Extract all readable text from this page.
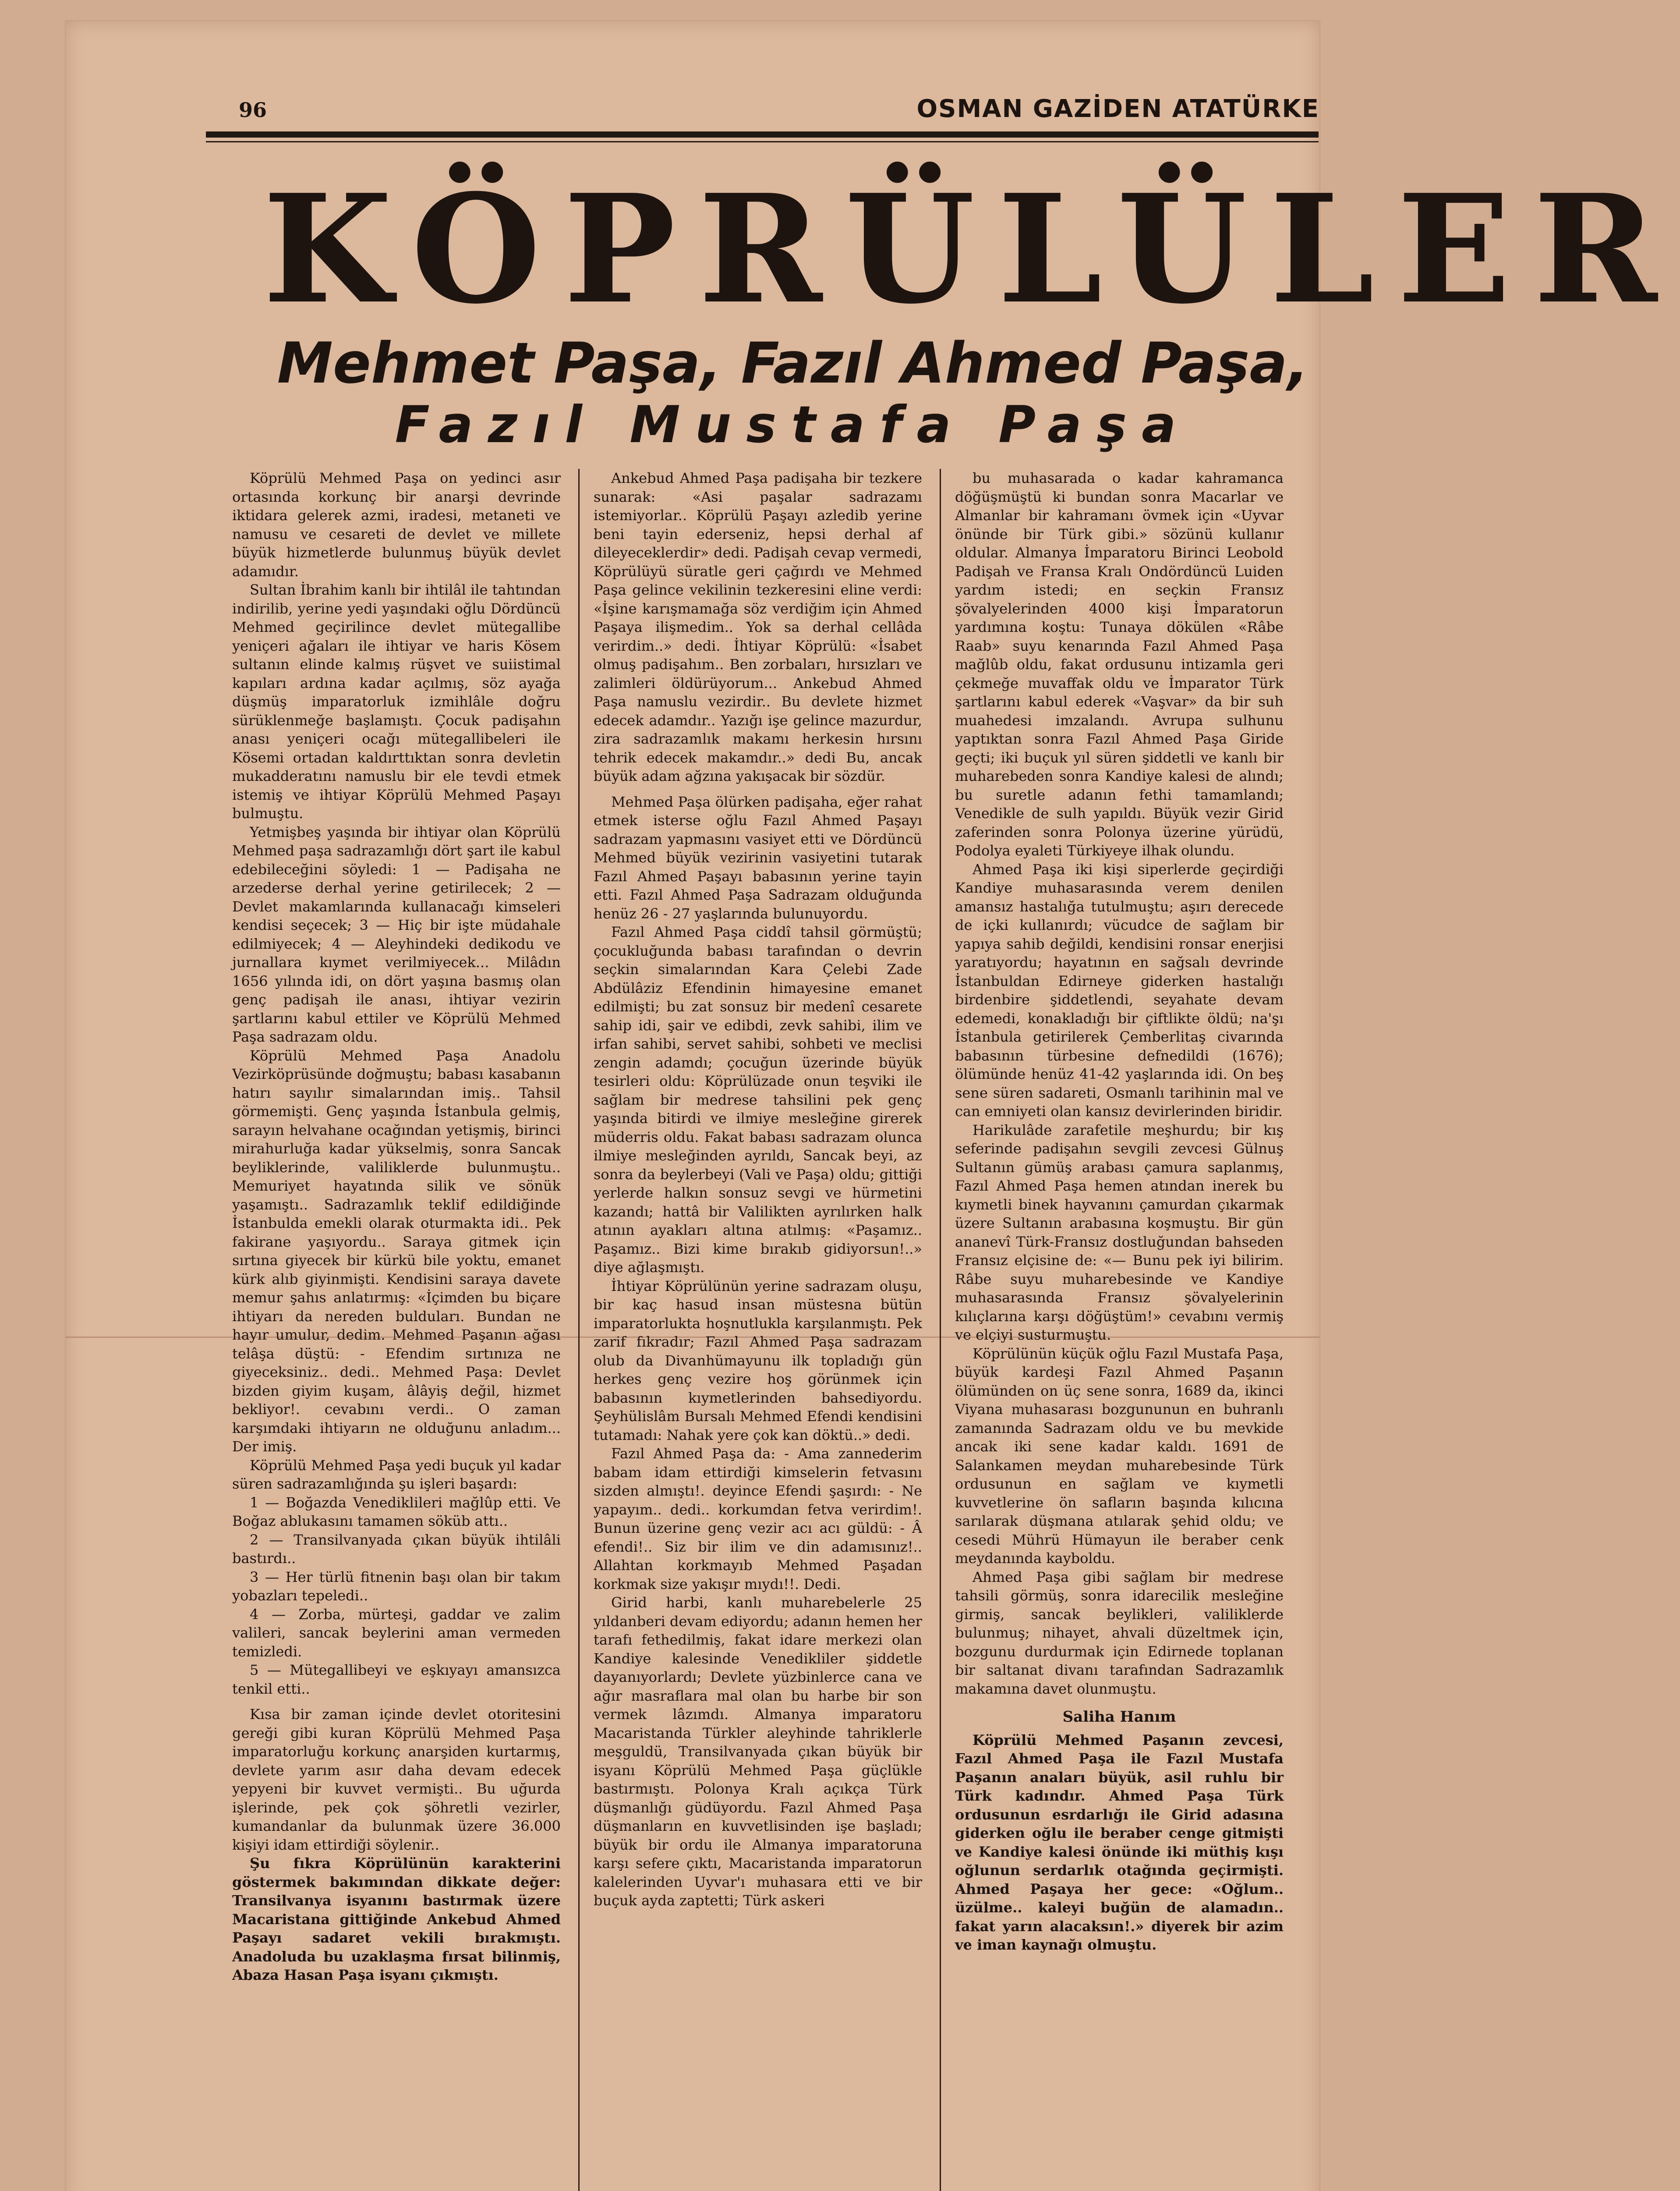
96	OSMAN GAZİDEN ATATÜRKE
KÖPRÜLÜLER
Mehmet Paşa, Fazıl Ahmed Paşa,
Fazıl Mustafa Paşa

Köprülü Mehmed Paşa on yedinci asır ortasında korkunç bir anarşi devrinde iktidara gelerek azmi, iradesi, metaneti ve namusu ve cesareti de devlet ve millete büyük hizmetlerde bulunmuş büyük devlet adamıdır.

Sultan İbrahim kanlı bir ihtilâl ile tahtından indirilib, yerine yedi yaşındaki oğlu Dördüncü Mehmed geçirilince devlet mütegallibe yeniçeri ağaları ile ihtiyar ve haris Kösem sultanın elinde kalmış rüşvet ve suiistimal kapıları ardına kadar açılmış, söz ayağa düşmüş imparatorluk izmihlâle doğru sürüklenmeğe başlamıştı. Çocuk padişahın anası yeniçeri ocağı mütegallibeleri ile Kösemi ortadan kaldırttıktan sonra devletin mukadderatını namuslu bir ele tevdi etmek istemiş ve ihtiyar Köprülü Mehmed Paşayı bulmuştu.

Yetmişbeş yaşında bir ihtiyar olan Köprülü Mehmed paşa sadrazamlığı dört şart ile kabul edebileceğini söyledi: 1 — Padişaha ne arzederse derhal yerine getirilecek; 2 — Devlet makamlarında kullanacağı kimseleri kendisi seçecek; 3 — Hiç bir işte müdahale edilmiyecek; 4 — Aleyhindeki dedikodu ve jurnallara kıymet verilmiyecek... Milâdın 1656 yılında idi, on dört yaşına basmış olan genç padişah ile anası, ihtiyar vezirin şartlarını kabul ettiler ve Köprülü Mehmed Paşa sadrazam oldu.

Köprülü Mehmed Paşa Anadolu Vezirköprüsünde doğmuştu; babası kasabanın hatırı sayılır simalarından imiş.. Tahsil görmemişti. Genç yaşında İstanbula gelmiş, sarayın helvahane ocağından yetişmiş, birinci mirahurluğa kadar yükselmiş, sonra Sancak beyliklerinde, valiliklerde bulunmuştu.. Memuriyet hayatında silik ve sönük yaşamıştı.. Sadrazamlık teklif edildiğinde İstanbulda emekli olarak oturmakta idi.. Pek fakirane yaşıyordu.. Saraya gitmek için sırtına giyecek bir kürkü bile yoktu, emanet kürk alıb giyinmişti. Kendisini saraya davete memur şahıs anlatırmış: «İçimden bu biçare ihtiyarı da nereden bulduları. Bundan ne hayır umulur, dedim. Mehmed Paşanın ağası telâşa düştü: - Efendim sırtınıza ne giyeceksiniz.. dedi.. Mehmed Paşa: Devlet bizden giyim kuşam, âlâyiş değil, hizmet bekliyor!. cevabını verdi.. O zaman karşımdaki ihtiyarın ne olduğunu anladım... Der imiş.

Köprülü Mehmed Paşa yedi buçuk yıl kadar süren sadrazamlığında şu işleri başardı:

1 — Boğazda Venediklileri mağlûp etti. Ve Boğaz ablukasını tamamen söküb attı..

2 — Transilvanyada çıkan büyük ihtilâli bastırdı..

3 — Her türlü fitnenin başı olan bir takım yobazları tepeledi..

4 — Zorba, mürteşi, gaddar ve zalim valileri, sancak beylerini aman vermeden temizledi.

5 — Mütegallibeyi ve eşkıyayı amansızca tenkil etti..

Kısa bir zaman içinde devlet otoritesini gereği gibi kuran Köprülü Mehmed Paşa imparatorluğu korkunç anarşiden kurtarmış, devlete yarım asır daha devam edecek yepyeni bir kuvvet vermişti.. Bu uğurda işlerinde, pek çok şöhretli vezirler, kumandanlar da bulunmak üzere 36.000 kişiyi idam ettirdiği söylenir..

Şu fıkra Köprülünün karakterini göstermek bakımından dikkate değer: Transilvanya isyanını bastırmak üzere Macaristana gittiğinde Ankebud Ahmed Paşayı sadaret vekili bırakmıştı. Anadoluda bu uzaklaşma fırsat bilinmiş, Abaza Hasan Paşa isyanı çıkmıştı.

Ankebud Ahmed Paşa padişaha bir tezkere sunarak: «Asi paşalar sadrazamı istemiyorlar.. Köprülü Paşayı azledib yerine beni tayin ederseniz, hepsi derhal af dileyeceklerdir» dedi. Padişah cevap vermedi, Köprülüyü süratle geri çağırdı ve Mehmed Paşa gelince vekilinin tezkeresini eline verdi: «İşine karışmamağa söz verdiğim için Ahmed Paşaya ilişmedim.. Yok sa derhal cellâda verirdim..» dedi. İhtiyar Köprülü: «İsabet olmuş padişahım.. Ben zorbaları, hırsızları ve zalimleri öldürüyorum... Ankebud Ahmed Paşa namuslu vezirdir.. Bu devlete hizmet edecek adamdır.. Yazığı işe gelince mazurdur, zira sadrazamlık makamı herkesin hırsını tehrik edecek makamdır..» dedi Bu, ancak büyük adam ağzına yakışacak bir sözdür.

Mehmed Paşa ölürken padişaha, eğer rahat etmek isterse oğlu Fazıl Ahmed Paşayı sadrazam yapmasını vasiyet etti ve Dördüncü Mehmed büyük vezirinin vasiyetini tutarak Fazıl Ahmed Paşayı babasının yerine tayin etti. Fazıl Ahmed Paşa Sadrazam olduğunda henüz 26 - 27 yaşlarında bulunuyordu.

Fazıl Ahmed Paşa ciddî tahsil görmüştü; çocukluğunda babası tarafından o devrin seçkin simalarından Kara Çelebi Zade Abdülâziz Efendinin himayesine emanet edilmişti; bu zat sonsuz bir medenî cesarete sahip idi, şair ve edibdi, zevk sahibi, ilim ve irfan sahibi, servet sahibi, sohbeti ve meclisi zengin adamdı; çocuğun üzerinde büyük tesirleri oldu: Köprülüzade onun teşviki ile sağlam bir medrese tahsilini pek genç yaşında bitirdi ve ilmiye mesleğine girerek müderris oldu. Fakat babası sadrazam olunca ilmiye mesleğinden ayrıldı, Sancak beyi, az sonra da beylerbeyi (Vali ve Paşa) oldu; gittiği yerlerde halkın sonsuz sevgi ve hürmetini kazandı; hattâ bir Valilikten ayrılırken halk atının ayakları altına atılmış: «Paşamız.. Paşamız.. Bizi kime bırakıb gidiyorsun!..» diye ağlaşmıştı.

İhtiyar Köprülünün yerine sadrazam oluşu, bir kaç hasud insan müstesna bütün imparatorlukta hoşnutlukla karşılanmıştı. Pek zarif fıkradır; Fazıl Ahmed Paşa sadrazam olub da Divanhümayunu ilk topladığı gün herkes genç vezire hoş görünmek için babasının kıymetlerinden bahsediyordu. Şeyhülislâm Bursalı Mehmed Efendi kendisini tutamadı: Nahak yere çok kan döktü..» dedi.

Fazıl Ahmed Paşa da: - Ama zannederim babam idam ettirdiği kimselerin fetvasını sizden almıştı!. deyince Efendi şaşırdı: - Ne yapayım.. dedi.. korkumdan fetva verirdim!. Bunun üzerine genç vezir acı acı güldü: - Â efendi!.. Siz bir ilim ve din adamısınız!.. Allahtan korkmayıb Mehmed Paşadan korkmak size yakışır mıydı!!. Dedi.

Girid harbi, kanlı muharebelerle 25 yıldanberi devam ediyordu; adanın hemen her tarafı fethedilmiş, fakat idare merkezi olan Kandiye kalesinde Venedikliler şiddetle dayanıyorlardı; Devlete yüzbinlerce cana ve ağır masraflara mal olan bu harbe bir son vermek lâzımdı. Almanya imparatoru Macaristanda Türkler aleyhinde tahriklerle meşguldü, Transilvanyada çıkan büyük bir isyanı Köprülü Mehmed Paşa güçlükle bastırmıştı. Polonya Kralı açıkça Türk düşmanlığı güdüyordu. Fazıl Ahmed Paşa düşmanların en kuvvetlisinden işe başladı; büyük bir ordu ile Almanya imparatoruna karşı sefere çıktı, Macaristanda imparatorun kalelerinden Uyvar'ı muhasara etti ve bir buçuk ayda zaptetti; Türk askeri

bu muhasarada o kadar kahramanca döğüşmüştü ki bundan sonra Macarlar ve Almanlar bir kahramanı övmek için «Uyvar önünde bir Türk gibi.» sözünü kullanır oldular. Almanya İmparatoru Birinci Leobold Padişah ve Fransa Kralı Ondördüncü Luiden yardım istedi; en seçkin Fransız şövalyelerinden 4000 kişi İmparatorun yardımına koştu: Tunaya dökülen «Râbe Raab» suyu kenarında Fazıl Ahmed Paşa mağlûb oldu, fakat ordusunu intizamla geri çekmeğe muvaffak oldu ve İmparator Türk şartlarını kabul ederek «Vaşvar» da bir suh muahedesi imzalandı. Avrupa sulhunu yaptıktan sonra Fazıl Ahmed Paşa Giride geçti; iki buçuk yıl süren şiddetli ve kanlı bir muharebeden sonra Kandiye kalesi de alındı; bu suretle adanın fethi tamamlandı; Venedikle de sulh yapıldı. Büyük vezir Girid zaferinden sonra Polonya üzerine yürüdü, Podolya eyaleti Türkiyeye ilhak olundu.

Ahmed Paşa iki kişi siperlerde geçirdiği Kandiye muhasarasında verem denilen amansız hastalığa tutulmuştu; aşırı derecede de içki kullanırdı; vücudce de sağlam bir yapıya sahib değildi, kendisini ronsar enerjisi yaratıyordu; hayatının en sağsalı devrinde İstanbuldan Edirneye giderken hastalığı birdenbire şiddetlendi, seyahate devam edemedi, konakladığı bir çiftlikte öldü; na'şı İstanbula getirilerek Çemberlitaş civarında babasının türbesine defnedildi (1676); ölümünde henüz 41-42 yaşlarında idi. On beş sene süren sadareti, Osmanlı tarihinin mal ve can emniyeti olan kansız devirlerinden biridir.

Harikulâde zarafetile meşhurdu; bir kış seferinde padişahın sevgili zevcesi Gülnuş Sultanın gümüş arabası çamura saplanmış, Fazıl Ahmed Paşa hemen atından inerek bu kıymetli binek hayvanını çamurdan çıkarmak üzere Sultanın arabasına koşmuştu. Bir gün ananevî Türk-Fransız dostluğundan bahseden Fransız elçisine de: «— Bunu pek iyi bilirim. Râbe suyu muharebesinde ve Kandiye muhasarasında Fransız şövalyelerinin kılıçlarına karşı döğüştüm!» cevabını vermiş ve elçiyi susturmuştu.

Köprülünün küçük oğlu Fazıl Mustafa Paşa, büyük kardeşi Fazıl Ahmed Paşanın ölümünden on üç sene sonra, 1689 da, ikinci Viyana muhasarası bozgununun en buhranlı zamanında Sadrazam oldu ve bu mevkide ancak iki sene kadar kaldı. 1691 de Salankamen meydan muharebesinde Türk ordusunun en sağlam ve kıymetli kuvvetlerine ön safların başında kılıcına sarılarak düşmana atılarak şehid oldu; ve cesedi Mührü Hümayun ile beraber cenk meydanında kayboldu.

Ahmed Paşa gibi sağlam bir medrese tahsili görmüş, sonra idarecilik mesleğine girmiş, sancak beylikleri, valiliklerde bulunmuş; nihayet, ahvali düzeltmek için, bozgunu durdurmak için Edirnede toplanan bir saltanat divanı tarafından Sadrazamlık makamına davet olunmuştu.

Saliha Hanım

Köprülü Mehmed Paşanın zevcesi, Fazıl Ahmed Paşa ile Fazıl Mustafa Paşanın anaları büyük, asil ruhlu bir Türk kadındır. Ahmed Paşa Türk ordusunun esrdarlığı ile Girid adasına giderken oğlu ile beraber cenge gitmişti ve Kandiye kalesi önünde iki müthiş kışı oğlunun serdarlık otağında geçirmişti. Ahmed Paşaya her gece: «Oğlum.. üzülme.. kaleyi buğün de alamadın.. fakat yarın alacaksın!.» diyerek bir azim ve iman kaynağı olmuştu.
